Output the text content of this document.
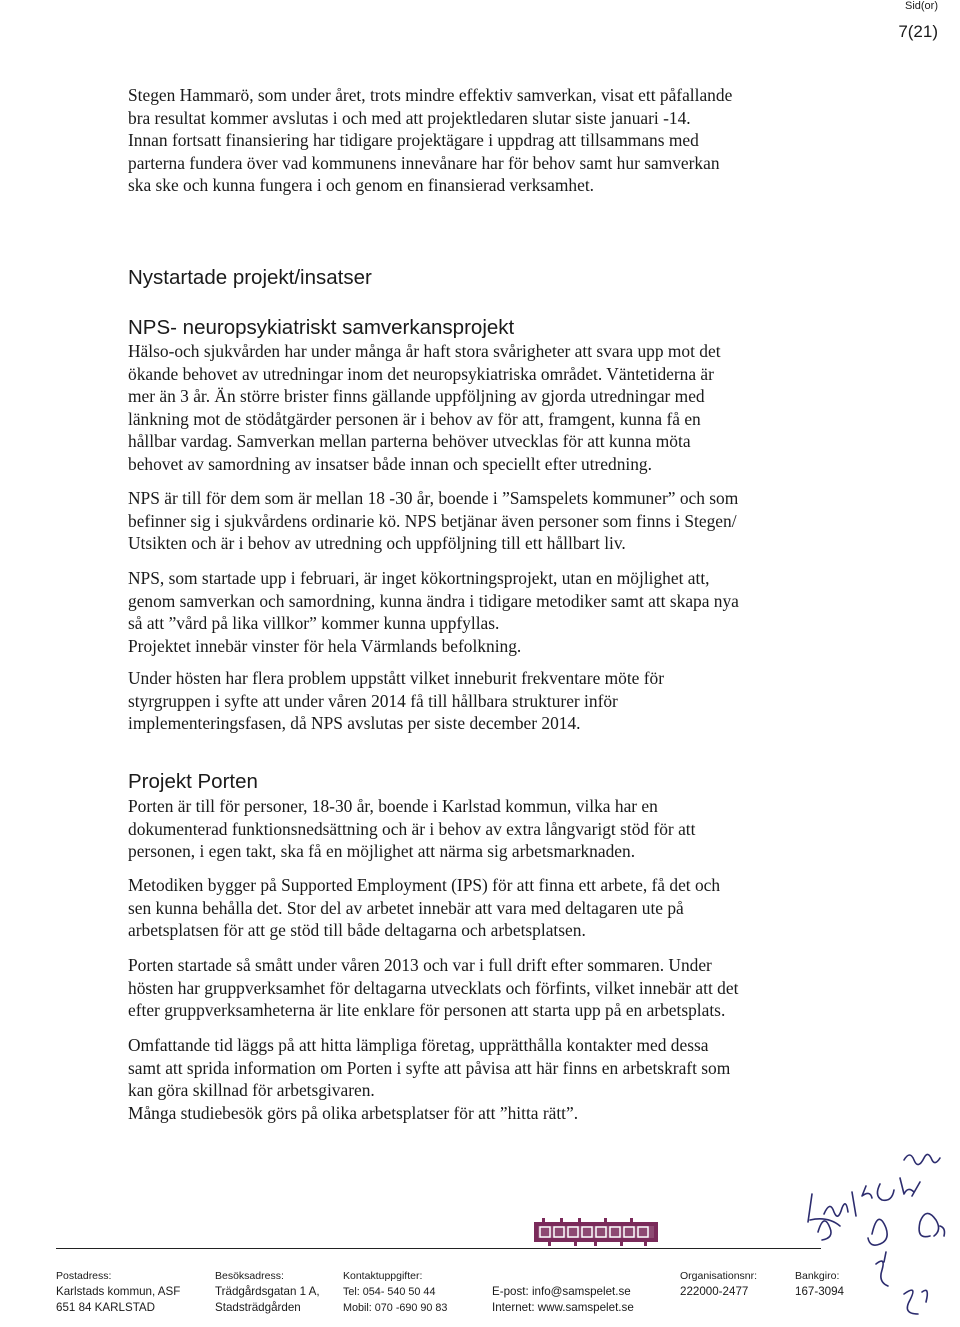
Sid(or)
7(21)
Stegen Hammarö, som under året, trots mindre effektiv samverkan, visat ett påfallande
bra resultat kommer avslutas i och med att projektledaren slutar siste januari -14.
Innan fortsatt finansiering har tidigare projektägare i uppdrag att tillsammans med
parterna fundera över vad kommunens innevånare har för behov samt hur samverkan
ska ske och kunna fungera i och genom en finansierad verksamhet.
Nystartade projekt/insatser
NPS- neuropsykiatriskt samverkansprojekt
Hälso-och sjukvården har under många år haft stora svårigheter att svara upp mot det
ökande behovet av utredningar inom det neuropsykiatriska området. Väntetiderna är
mer än 3 år. Än större brister finns gällande uppföljning av gjorda utredningar med
länkning mot de stödåtgärder personen är i behov av för att, framgent, kunna få en
hållbar vardag. Samverkan mellan parterna behöver utvecklas för att kunna möta
behovet av samordning av insatser både innan och speciellt efter utredning.
NPS är till för dem som är mellan 18 -30 år, boende i ”Samspelets kommuner” och som
befinner sig i sjukvårdens ordinarie kö. NPS betjänar även personer som finns i Stegen/
Utsikten och är i behov av utredning och uppföljning till ett hållbart liv.
NPS, som startade upp i februari, är inget kökortningsprojekt, utan en möjlighet att,
genom samverkan och samordning, kunna ändra i tidigare metodiker samt att skapa nya
så att ”vård på lika villkor” kommer kunna uppfyllas.
Projektet innebär vinster för hela Värmlands befolkning.
Under hösten har flera problem uppstått vilket inneburit frekventare möte för
styrgruppen i syfte att under våren 2014 få till hållbara strukturer inför
implementeringsfasen, då NPS avslutas per siste december 2014.
Projekt Porten
Porten är till för personer, 18-30 år, boende i Karlstad kommun, vilka har en
dokumenterad funktionsnedsättning och är i behov av extra långvarigt stöd för att
personen, i egen takt, ska få en möjlighet att närma sig arbetsmarknaden.
Metodiken bygger på Supported Employment (IPS) för att finna ett arbete, få det och
sen kunna behålla det. Stor del av arbetet innebär att vara med deltagaren ute på
arbetsplatsen för att ge stöd till både deltagarna och arbetsplatsen.
Porten startade så smått under våren 2013 och var i full drift efter sommaren. Under
hösten har gruppverksamhet för deltagarna utvecklats och förfints, vilket innebär att det
efter gruppverksamheterna är lite enklare för personen att starta upp på en arbetsplats.
Omfattande tid läggs på att hitta lämpliga företag, upprätthålla kontakter med dessa
samt att sprida information om Porten i syfte att påvisa att här finns en arbetskraft som
kan göra skillnad för arbetsgivaren.
Många studiebesök görs på olika arbetsplatser för att ”hitta rätt”.
Postadress:
Karlstads kommun, ASF
651 84 KARLSTAD
Besöksadress:
Trädgårdsgatan 1 A,
Stadsträdgården
Kontaktuppgifter:
Tel: 054- 540 50 44
Mobil: 070 -690 90 83
E-post: info@samspelet.se
Internet: www.samspelet.se
Organisationsnr:
222000-2477
Bankgiro:
167-3094
